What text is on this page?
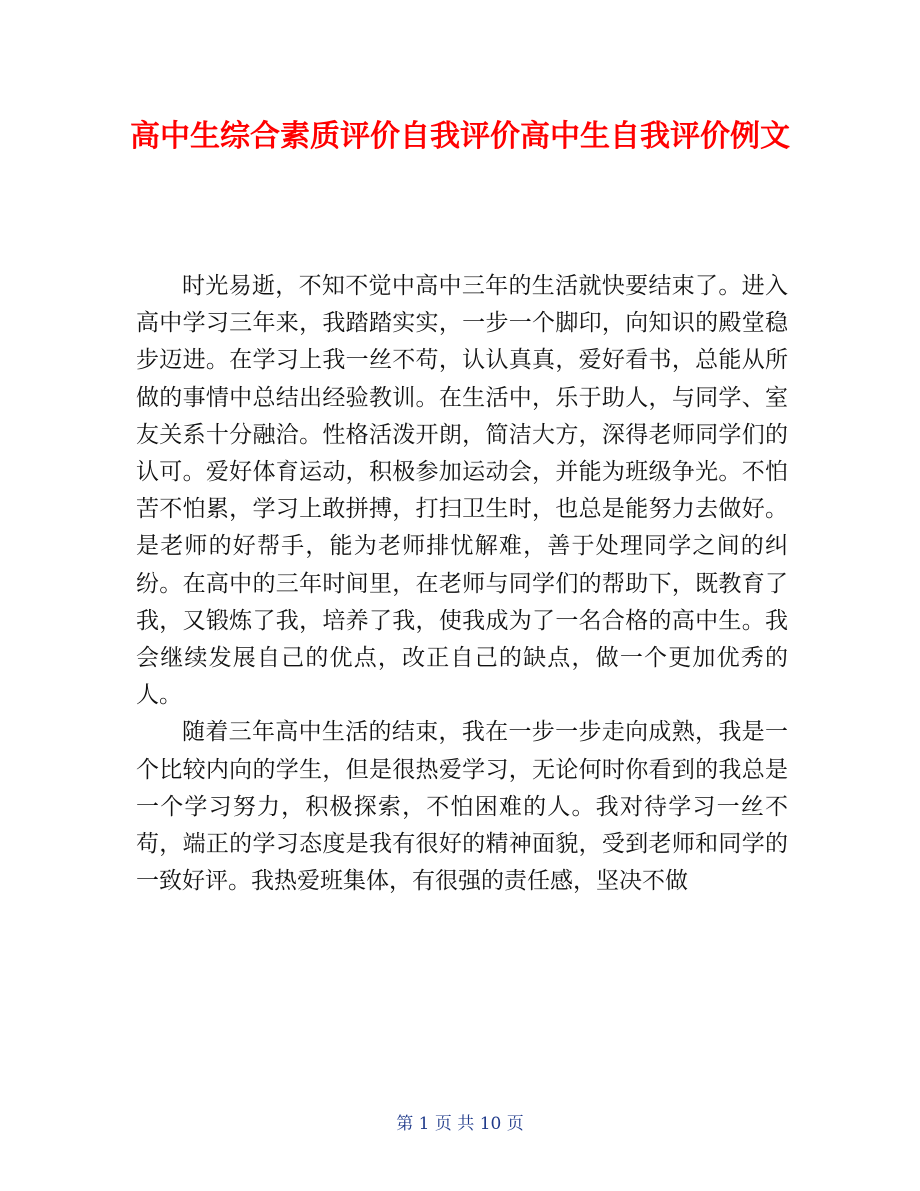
高中生综合素质评价自我评价高中生自我评价例文

时光易逝，不知不觉中高中三年的生活就快要结束了。进入高中学习三年来，我踏踏实实，一步一个脚印，向知识的殿堂稳步迈进。在学习上我一丝不苟，认认真真，爱好看书，总能从所做的事情中总结出经验教训。在生活中，乐于助人，与同学、室友关系十分融洽。性格活泼开朗，简洁大方，深得老师同学们的认可。爱好体育运动，积极参加运动会，并能为班级争光。不怕苦不怕累，学习上敢拼搏，打扫卫生时，也总是能努力去做好。是老师的好帮手，能为老师排忧解难，善于处理同学之间的纠纷。在高中的三年时间里，在老师与同学们的帮助下，既教育了我，又锻炼了我，培养了我，使我成为了一名合格的高中生。我会继续发展自己的优点，改正自己的缺点，做一个更加优秀的人。

随着三年高中生活的结束，我在一步一步走向成熟，我是一个比较内向的学生，但是很热爱学习，无论何时你看到的我总是一个学习努力，积极探索，不怕困难的人。我对待学习一丝不苟，端正的学习态度是我有很好的精神面貌，受到老师和同学的一致好评。我热爱班集体，有很强的责任感，坚决不做

第 1 页 共 10 页
